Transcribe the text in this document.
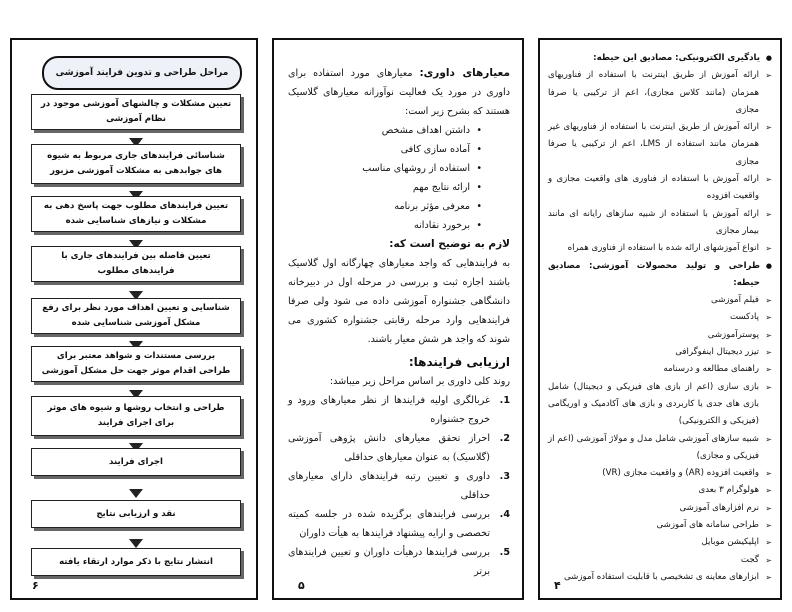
مراحل طراحی و تدوین فرایند آموزشی
تعیین مشکلات و چالشهای آموزشی موجود در نظام آموزشی
شناسائی فرایندهای جاری مربوط به شیوه های جوابدهی به مشکلات آموزشی مزبور
تعیین فرایندهای مطلوب جهت پاسخ دهی به مشکلات و نیازهای شناسایی شده
تعیین فاصله بین فرایندهای جاری با فرایندهای مطلوب
شناسایی و تعیین اهداف مورد نظر برای رفع مشکل آموزشی شناسایی شده
بررسی مستندات و شواهد معتبر برای طراحی اقدام موثر جهت حل مشکل آموزشی
طراحی و انتخاب روشها و شیوه های موثر برای اجرای فرایند
اجرای فرایند
نقد و ارزیابی نتایج
انتشار نتایج با ذکر موارد ارتقاء یافته
۶
معیارهای داوری: معیارهای مورد استفاده برای داوری در مورد یک فعالیت نوآورانه معیارهای گلاسیک هستند که بشرح زیر است:
• داشتن اهداف مشخص
• آماده سازی کافی
• استفاده از روشهای مناسب
• ارائه نتایج مهم
• معرفی مؤثر برنامه
• برخورد نقادانه
لازم به توضیح است که:
به فرایندهایی که واجد معیارهای چهارگانه اول گلاسیک باشند اجازه ثبت و بررسی در مرحله اول در دبیرخانه دانشگاهی جشنواره آموزشی داده می شود ولی صرفا فرایندهایی وارد مرحله رقابتی جشنواره کشوری می شوند که واجد هر شش معیار باشند.
ارزیابی فرایندها:
روند کلی داوری بر اساس مراحل زیر میباشد:
1.
غربالگری اولیه فرایندها از نظر معیارهای ورود و خروج جشنواره
2.
احراز تحقق معیارهای دانش پژوهی آموزشی (گلاسیک) به عنوان معیارهای حداقلی
3.
داوری و تعیین رتبه فرایندهای دارای معیارهای حداقلی
4.
بررسی فرایندهای برگزیده شده در جلسه کمیته تخصصی و ارایه پیشنهاد فرایندها به هیأت داوران
5.
بررسی فرایندها درهیأت داوران و تعیین فرایندهای برتر
۵
● یادگیری الکترونیکی: مصادیق این حیطه:
➢ ارائه آموزش از طریق اینترنت با استفاده از فناوریهای همزمان (مانند کلاس مجازی)، اعم از ترکیبی یا صرفا مجازی
➢ ارائه آموزش از طریق اینترنت با استفاده از فناوریهای غیر همزمان مانند استفاده از LMS، اعم از ترکیبی یا صرفا مجازی
➢ ارائه آموزش با استفاده از فناوری های واقعیت مجازی و واقعیت افزوده
➢ ارائه آموزش با استفاده از شبیه سازهای رایانه ای مانند بیمار مجازی
➢ انواع آموزشهای ارائه شده با استفاده از فناوری همراه
● طراحی و تولید محصولات آموزشی: مصادیق حیطه:
➢ فیلم آموزشی
➢ پادکست
➢ پوسترآموزشی
➢ تیزر دیجیتال اینفوگرافی
➢ راهنمای مطالعه و درسنامه
➢ بازی سازی (اعم از بازی های فیزیکی و دیجیتال) شامل بازی های جدی یا کاربردی و بازی های آکادمیک و اوریگامی (فیزیکی و الکترونیکی)
➢ شبیه سازهای آموزشی شامل مدل و مولاژ آموزشی (اعم از فیزیکی و مجازی)
➢ واقعیت افزوده (AR) و واقعیت مجازی (VR)
➢ هولوگرام ۳ بعدی
➢ نرم افزارهای آموزشی
➢ طراحی سامانه های آموزشی
➢ اپلیکیشن موبایل
➢ گجت
➢ ابزارهای معاینه ی تشخیصی با قابلیت استفاده آموزشی
۴
